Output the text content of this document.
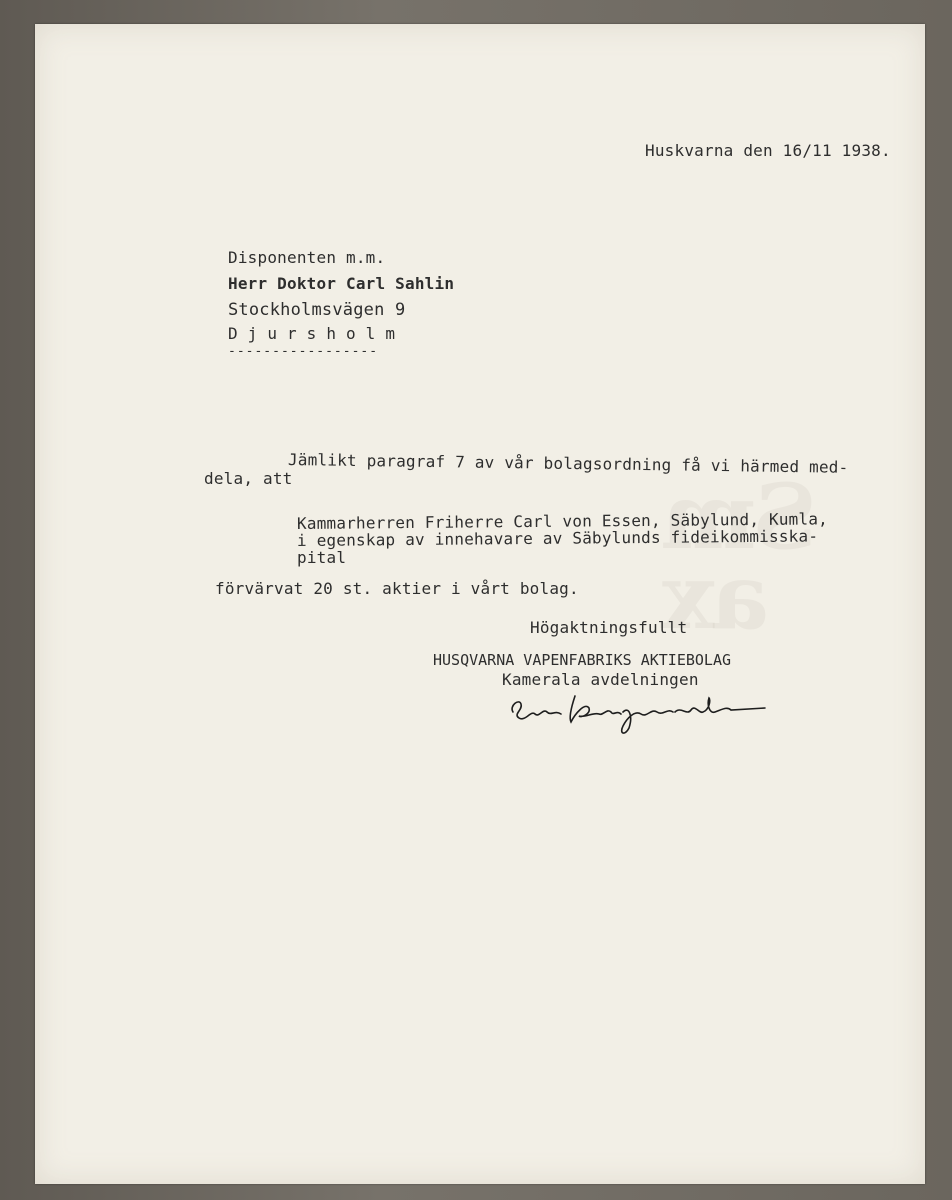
Sm
ax
Huskvarna den 16/11 1938.
Disponenten m.m.
Herr Doktor Carl Sahlin
Stockholmsvägen 9
D j u r s h o l m
-----------------
Jämlikt paragraf 7 av vår bolagsordning få vi härmed med-
dela, att
Kammarherren Friherre Carl von Essen, Säbylund, Kumla,
i egenskap av innehavare av Säbylunds fideikommisska-
pital
förvärvat 20 st. aktier i vårt bolag.
Högaktningsfullt
HUSQVARNA VAPENFABRIKS AKTIEBOLAG
Kamerala avdelningen
